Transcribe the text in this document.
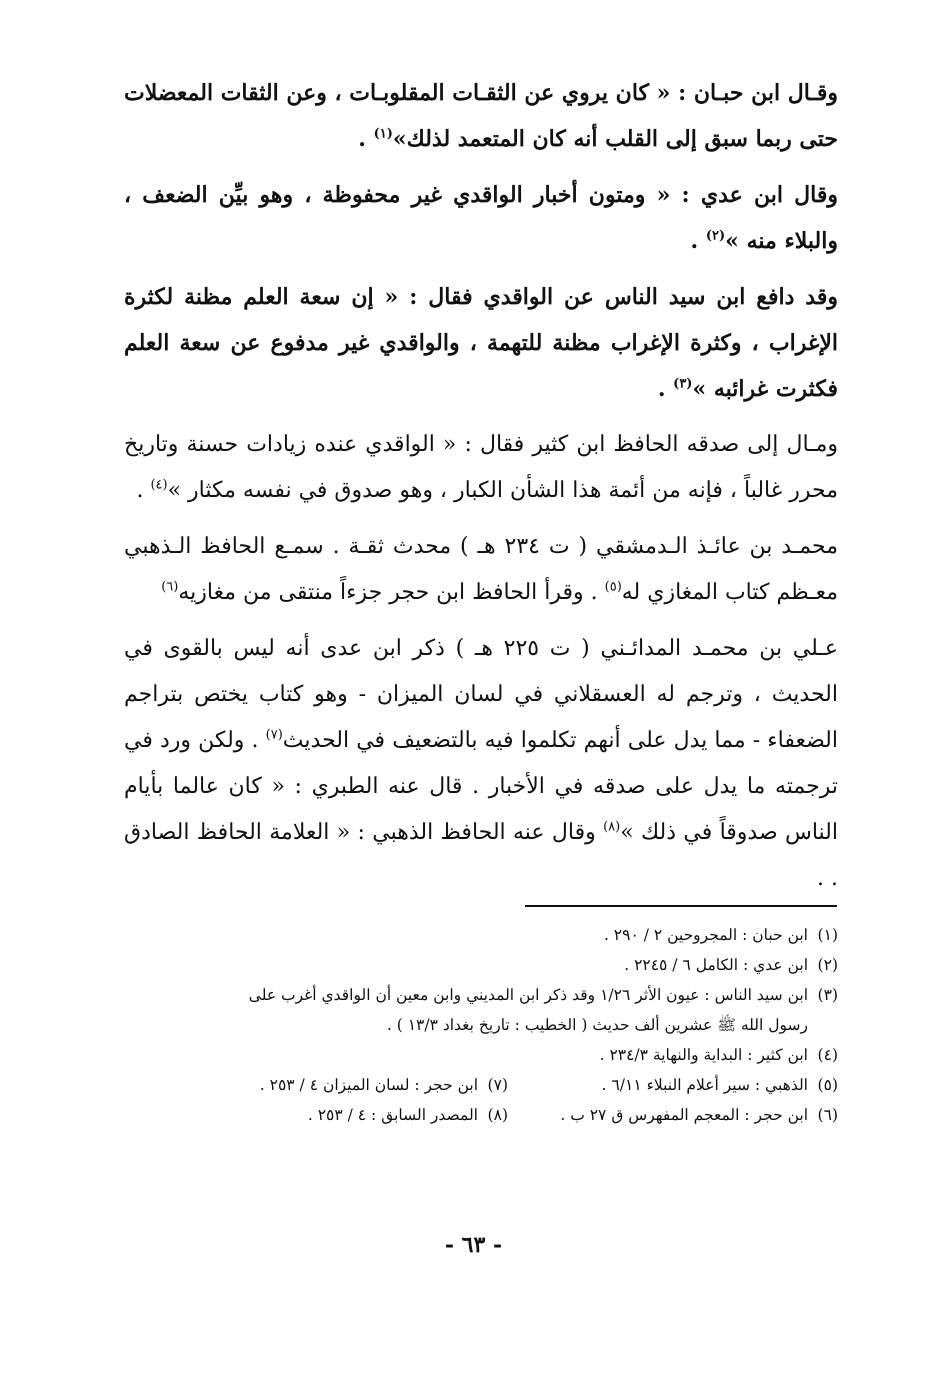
وقـال ابن حبـان : « كان يروي عن الثقـات المقلوبـات ، وعن الثقات المعضلات حتى ربما سبق إلى القلب أنه كان المتعمد لذلك»$^{(١)}$ .

وقال ابن عدي : « ومتون أخبار الواقدي غير محفوظة ، وهو بيِّن الضعف ، والبلاء منه »$^{(٢)}$ .

وقد دافع ابن سيد الناس عن الواقدي فقال : « إن سعة العلم مظنة لكثرة الإغراب ، وكثرة الإغراب مظنة للتهمة ، والواقدي غير مدفوع عن سعة العلم فكثرت غرائبه »$^{(٣)}$ .

ومـال إلى صدقه الحافظ ابن كثير فقال : « الواقدي عنده زيادات حسنة وتاريخ محرر غالباً ، فإنه من أئمة هذا الشأن الكبار ، وهو صدوق في نفسه مكثار »$^{(٤)}$ .

محمـد بن عائـذ الـدمشقي ( ت ٢٣٤ هـ ) محدث ثقـة . سمـع الحافظ الـذهبي معـظم كتاب المغازي له$^{(٥)}$ . وقرأ الحافظ ابن حجر جزءاً منتقى من مغازيه$^{(٦)}$

عـلي بن محمـد المدائـني ( ت ٢٢٥ هـ ) ذكر ابن عدى أنه ليس بالقوى في الحديث ، وترجم له العسقلاني في لسان الميزان - وهو كتاب يختص بتراجم الضعفاء - مما يدل على أنهم تكلموا فيه بالتضعيف في الحديث$^{(٧)}$ . ولكن ورد في ترجمته ما يدل على صدقه في الأخبار . قال عنه الطبري : « كان عالما بأيام الناس صدوقاً في ذلك »$^{(٨)}$ وقال عنه الحافظ الذهبي : « العلامة الحافظ الصادق . .

(١)ابن حبان : المجروحين ٢ / ٢٩٠ .
(٢)ابن عدي : الكامل ٦ / ٢٢٤٥ .
(٣)ابن سيد الناس : عيون الأثر ١/٢٦ وقد ذكر ابن المديني وابن معين أن الواقدي أغرب على
رسول الله ﷺ عشرين ألف حديث ( الخطيب : تاريخ بغداد ١٣/٣ ) .
(٤)ابن كثير : البداية والنهاية ٢٣٤/٣ .
(٥)الذهبي : سير أعلام النبلاء ٦/١١ .
(٧)ابن حجر : لسان الميزان ٤ / ٢٥٣ .
(٦)ابن حجر : المعجم المفهرس ق ٢٧ ب .
(٨)المصدر السابق : ٤ / ٢٥٣ .
- ٦٣ -
